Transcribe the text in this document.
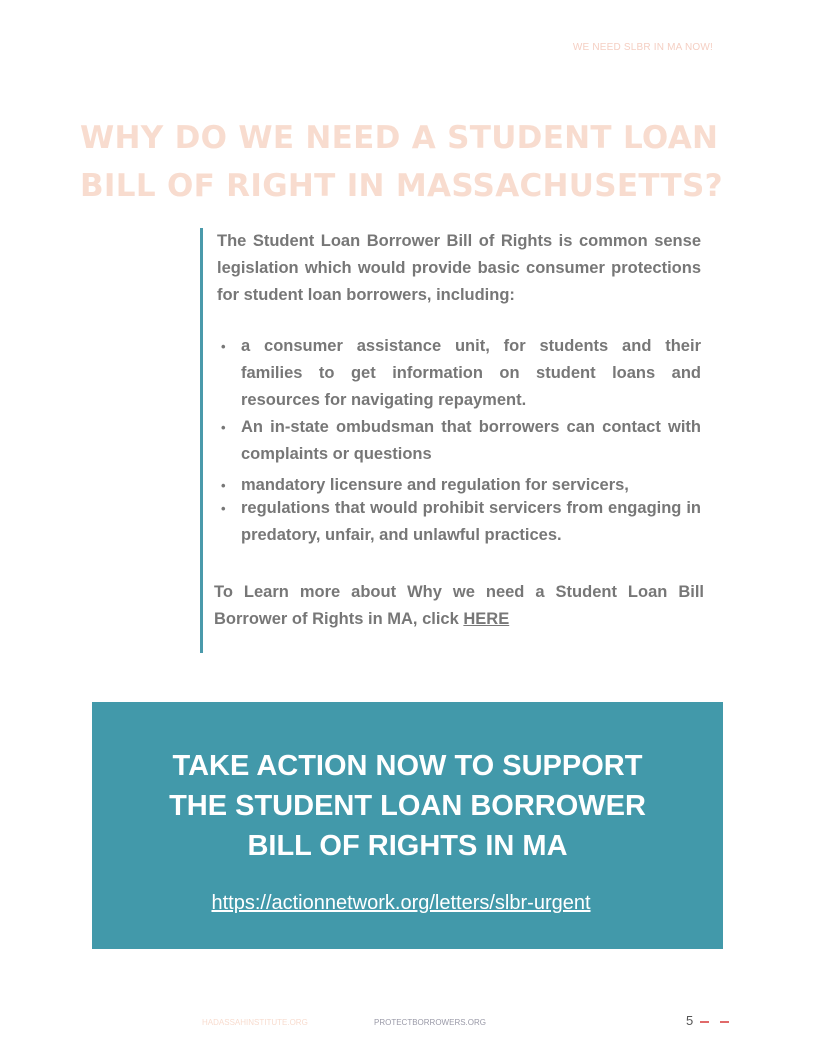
WE NEED SLBR IN MA NOW!
WHY DO WE NEED A STUDENT LOAN
BILL OF RIGHT IN MASSACHUSETTS?

The Student Loan Borrower Bill of Rights is common sense legislation which would provide basic consumer protections for student loan borrowers, including:

• a consumer assistance unit, for students and their families to get information on student loans and resources for navigating repayment.
• An in-state ombudsman that borrowers can contact with complaints or questions
• mandatory licensure and regulation for servicers,
• regulations that would prohibit servicers from engaging in predatory, unfair, and unlawful practices.

To Learn more about Why we need a Student Loan Bill Borrower of Rights in MA, click HERE

TAKE ACTION NOW TO SUPPORT
THE STUDENT LOAN BORROWER
BILL OF RIGHTS IN MA
https://actionnetwork.org/letters/slbr-urgent
HADASSAHINSTITUTE.ORG	PROTECTBORROWERS.ORG	5
